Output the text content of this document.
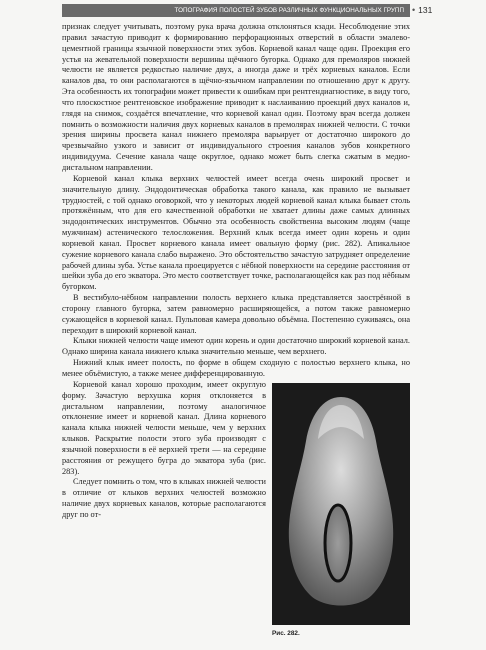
ТОПОГРАФИЯ ПОЛОСТЕЙ ЗУБОВ РАЗЛИЧНЫХ ФУНКЦИОНАЛЬНЫХ ГРУПП • 131

признак следует учитывать, поэтому рука врача должна отклоняться кзади. Несоблюдение этих правил зачастую приводит к формированию перфорационных отверстий в области эмалево-цементной границы язычной поверхности этих зубов. Корневой канал чаще один. Проекция его устья на жевательной поверхности вершины щёчного бугорка. Однако для премоляров нижней челюсти не является редкостью наличие двух, а иногда даже и трёх корневых каналов. Если каналов два, то они располагаются в щёчно-язычном направлении по отношению друг к другу. Эта особенность их топографии может привести к ошибкам при рентгендиагностике, в виду того, что плоскостное рентгеновское изображение приводит к наслаиванию проекций двух каналов и, глядя на снимок, создаётся впечатление, что корневой канал один. Поэтому врач всегда должен помнить о возможности наличия двух корневых каналов в премолярах нижней челюсти. С точки зрения ширины просвета канал нижнего премоляра варьирует от достаточно широкого до чрезвычайно узкого и зависит от индивидуального строения каналов зубов конкретного индивидуума. Сечение канала чаще округлое, однако может быть слегка сжатым в медио-дистальном направлении.

Корневой канал клыка верхних челюстей имеет всегда очень широкий просвет и значительную длину. Эндодонтическая обработка такого канала, как правило не вызывает трудностей, с той однако оговоркой, что у некоторых людей корневой канал клыка бывает столь протяжённым, что для его качественной обработки не хватает длины даже самых длинных эндодонтических инструментов. Обычно эта особенность свойственна высоким людям (чаще мужчинам) астенического телосложения. Верхний клык всегда имеет один корень и один корневой канал. Просвет корневого канала имеет овальную форму (рис. 282). Апикальное сужение корневого канала слабо выражено. Это обстоятельство зачастую затрудняет определение рабочей длины зуба. Устье канала проецируется с нёбной поверхности на середине расстояния от шейки зуба до его экватора. Это место соответствует точке, располагающейся как раз под нёбным бугорком.

В вестибуло-нёбном направлении полость верхнего клыка представляется заострённой в сторону главного бугорка, затем равномерно расширяющейся, а потом также равномерно сужающейся в корневой канал. Пульповая камера довольно объёмна. Постепенно суживаясь, она переходит в широкий корневой канал.

Клыки нижней челюсти чаще имеют один корень и один достаточно широкий корневой канал. Однако ширина канала нижнего клыка значительно меньше, чем верхнего.

Нижний клык имеет полость, по форме в общем сходную с полостью верхнего клыка, но менее объёмистую, а также менее дифференцированную.

Рис. 282.

Корневой канал хорошо проходим, имеет округлую форму. Зачастую верхушка корня отклоняется в дистальном направлении, поэтому аналогичное отклонение имеет и корневой канал. Длина корневого канала клыка нижней челюсти меньше, чем у верхних клыков. Раскрытие полости этого зуба производят с язычной поверхности в её верхней трети — на середине расстояния от режущего бугра до экватора зуба (рис. 283).

Следует помнить о том, что в клыках нижней челюсти в отличие от клыков верхних челюстей возможно наличие двух корневых каналов, которые располагаются друг по от-
